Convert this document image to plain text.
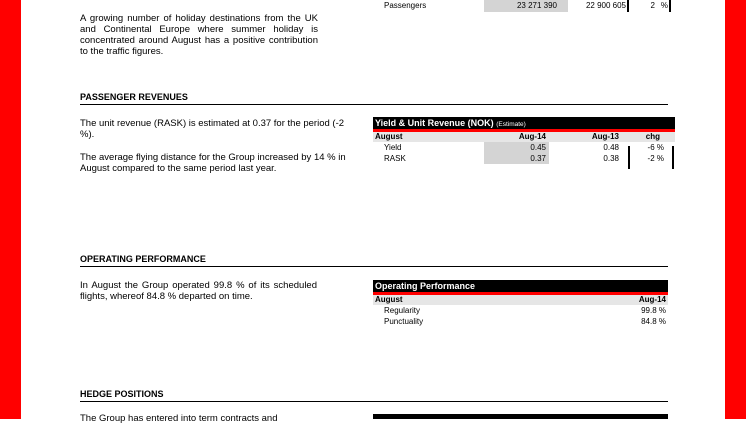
Passengers	23 271 390	22 900 605	2 %

A growing number of holiday destinations from the UK and Continental Europe where summer holiday is concentrated around August has a positive contribution to the traffic figures.

PASSENGER REVENUES

The unit revenue (RASK) is estimated at 0.37 for the period (-2 %).

The average flying distance for the Group increased by 14 % in August compared to the same period last year.

Yield & Unit Revenue (NOK) (Estimate)
August	Aug-14	Aug-13	chg
Yield	0.45	0.48	-6 %
RASK	0.37	0.38	-2 %
OPERATING PERFORMANCE

In August the Group operated 99.8 % of its scheduled flights, whereof 84.8 % departed on time.

Operating Performance
August	Aug-14
Regularity	99.8 %
Punctuality	84.8 %
HEDGE POSITIONS

The Group has entered into term contracts and
